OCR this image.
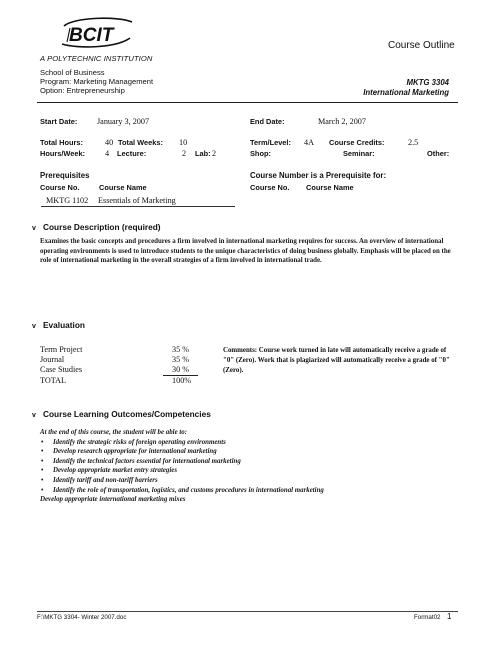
BCIT
A POLYTECHNIC INSTITUTION
Course Outline
School of Business
Program: Marketing Management
Option: Entrepreneurship
MKTG 3304
International Marketing
Start Date: January 3, 2007	End Date:	March 2, 2007
Total Hours:	40 Total Weeks: 10	Term/Level: 4A Course Credits:	2.5
Hours/Week: 4 Lecture:	2 Lab: 2	Shop:	Seminar:	Other:
Prerequisites
Course No.	Course Name
MKTG 1102 Essentials of Marketing
Course Number is a Prerequisite for:
Course No. Course Name
v Course Description (required)
Examines the basic concepts and procedures a firm involved in international marketing requires for success. An overview of international operating environments is used to introduce students to the unique characteristics of doing business globally. Emphasis will be placed on the role of international marketing in the overall strategies of a firm involved in international trade.
v Evaluation
Term Project	35 %
Journal	35 %
Case Studies	30 %
TOTAL	100%
Comments: Course work turned in late will automatically receive a grade of "0" (Zero). Work that is plagiarized will automatically receive a grade of "0" (Zero).
v Course Learning Outcomes/Competencies
At the end of this course, the student will be able to:
• Identify the strategic risks of foreign operating environments
• Develop research appropriate for international marketing
• Identify the technical factors essential for international marketing
• Develop appropriate market entry strategies
• Identify tariff and non-tariff barriers
• Identify the role of transportation, logistics, and customs procedures in international marketing
Develop appropriate international marketing mixes
F:\MKTG 3304- Winter 2007.doc	Format02 1
